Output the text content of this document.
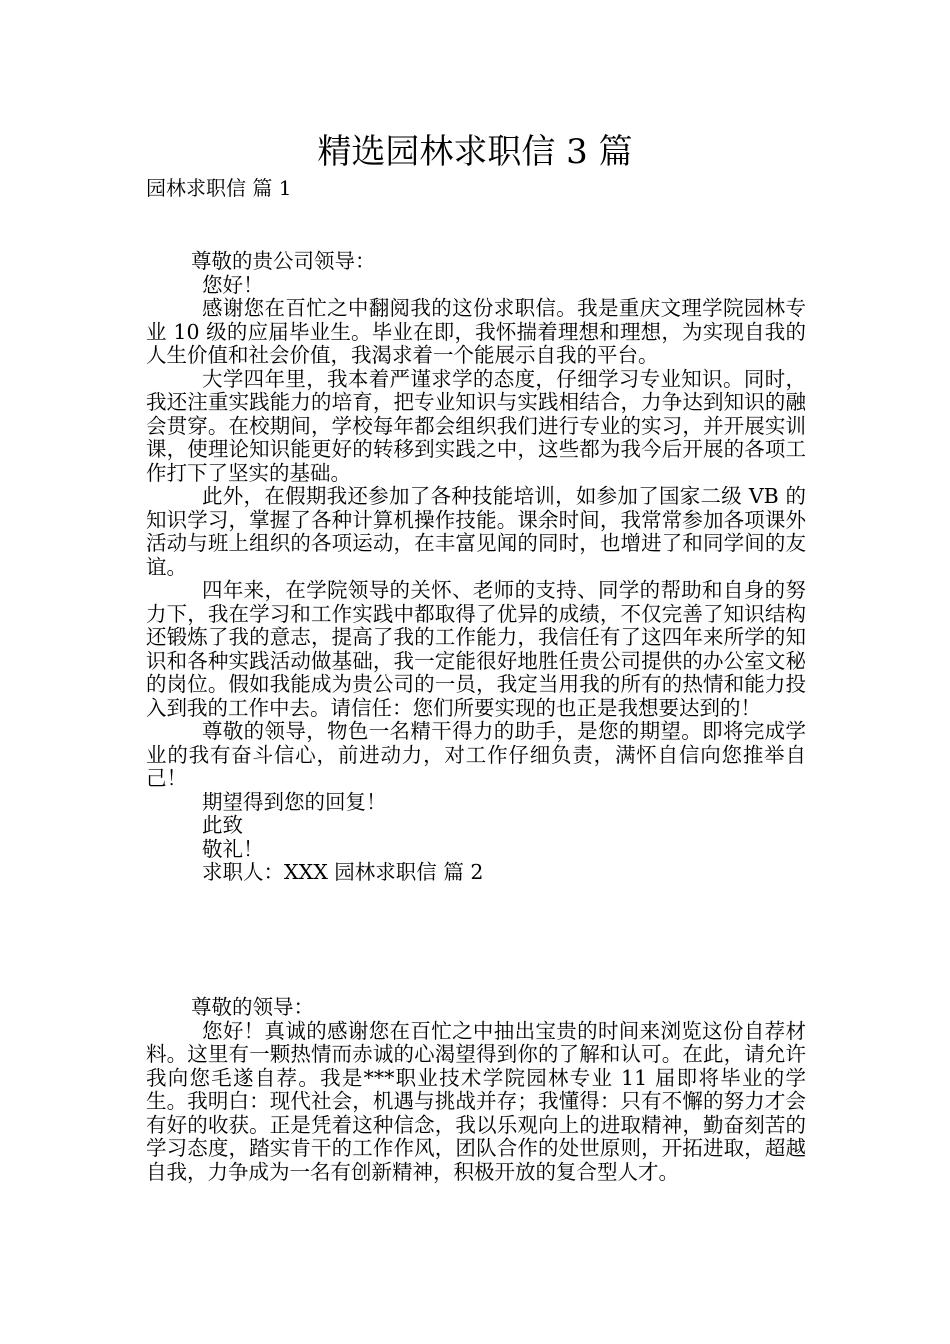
精选园林求职信 3 篇
园林求职信 篇 1

尊敬的贵公司领导：

您好！

感谢您在百忙之中翻阅我的这份求职信。我是重庆文理学院园林专业 10 级的应届毕业生。毕业在即，我怀揣着理想和理想，为实现自我的人生价值和社会价值，我渴求着一个能展示自我的平台。

大学四年里，我本着严谨求学的态度，仔细学习专业知识。同时，我还注重实践能力的培育，把专业知识与实践相结合，力争达到知识的融会贯穿。在校期间，学校每年都会组织我们进行专业的实习，并开展实训课，使理论知识能更好的转移到实践之中，这些都为我今后开展的各项工作打下了坚实的基础。

此外，在假期我还参加了各种技能培训，如参加了国家二级 VB 的知识学习，掌握了各种计算机操作技能。课余时间，我常常参加各项课外活动与班上组织的各项运动，在丰富见闻的同时，也增进了和同学间的友谊。

四年来，在学院领导的关怀、老师的支持、同学的帮助和自身的努力下，我在学习和工作实践中都取得了优异的成绩，不仅完善了知识结构还锻炼了我的意志，提高了我的工作能力，我信任有了这四年来所学的知识和各种实践活动做基础，我一定能很好地胜任贵公司提供的办公室文秘的岗位。假如我能成为贵公司的一员，我定当用我的所有的热情和能力投入到我的工作中去。请信任：您们所要实现的也正是我想要达到的！

尊敬的领导，物色一名精干得力的助手，是您的期望。即将完成学业的我有奋斗信心，前进动力，对工作仔细负责，满怀自信向您推举自己！

期望得到您的回复！

此致

敬礼！

求职人：XXX 园林求职信 篇 2

尊敬的领导：

您好！真诚的感谢您在百忙之中抽出宝贵的时间来浏览这份自荐材料。这里有一颗热情而赤诚的心渴望得到你的了解和认可。在此，请允许我向您毛遂自荐。我是***职业技术学院园林专业 11 届即将毕业的学生。我明白：现代社会，机遇与挑战并存；我懂得：只有不懈的努力才会有好的收获。正是凭着这种信念，我以乐观向上的进取精神，勤奋刻苦的学习态度，踏实肯干的工作作风，团队合作的处世原则，开拓进取，超越自我，力争成为一名有创新精神，积极开放的复合型人才。
